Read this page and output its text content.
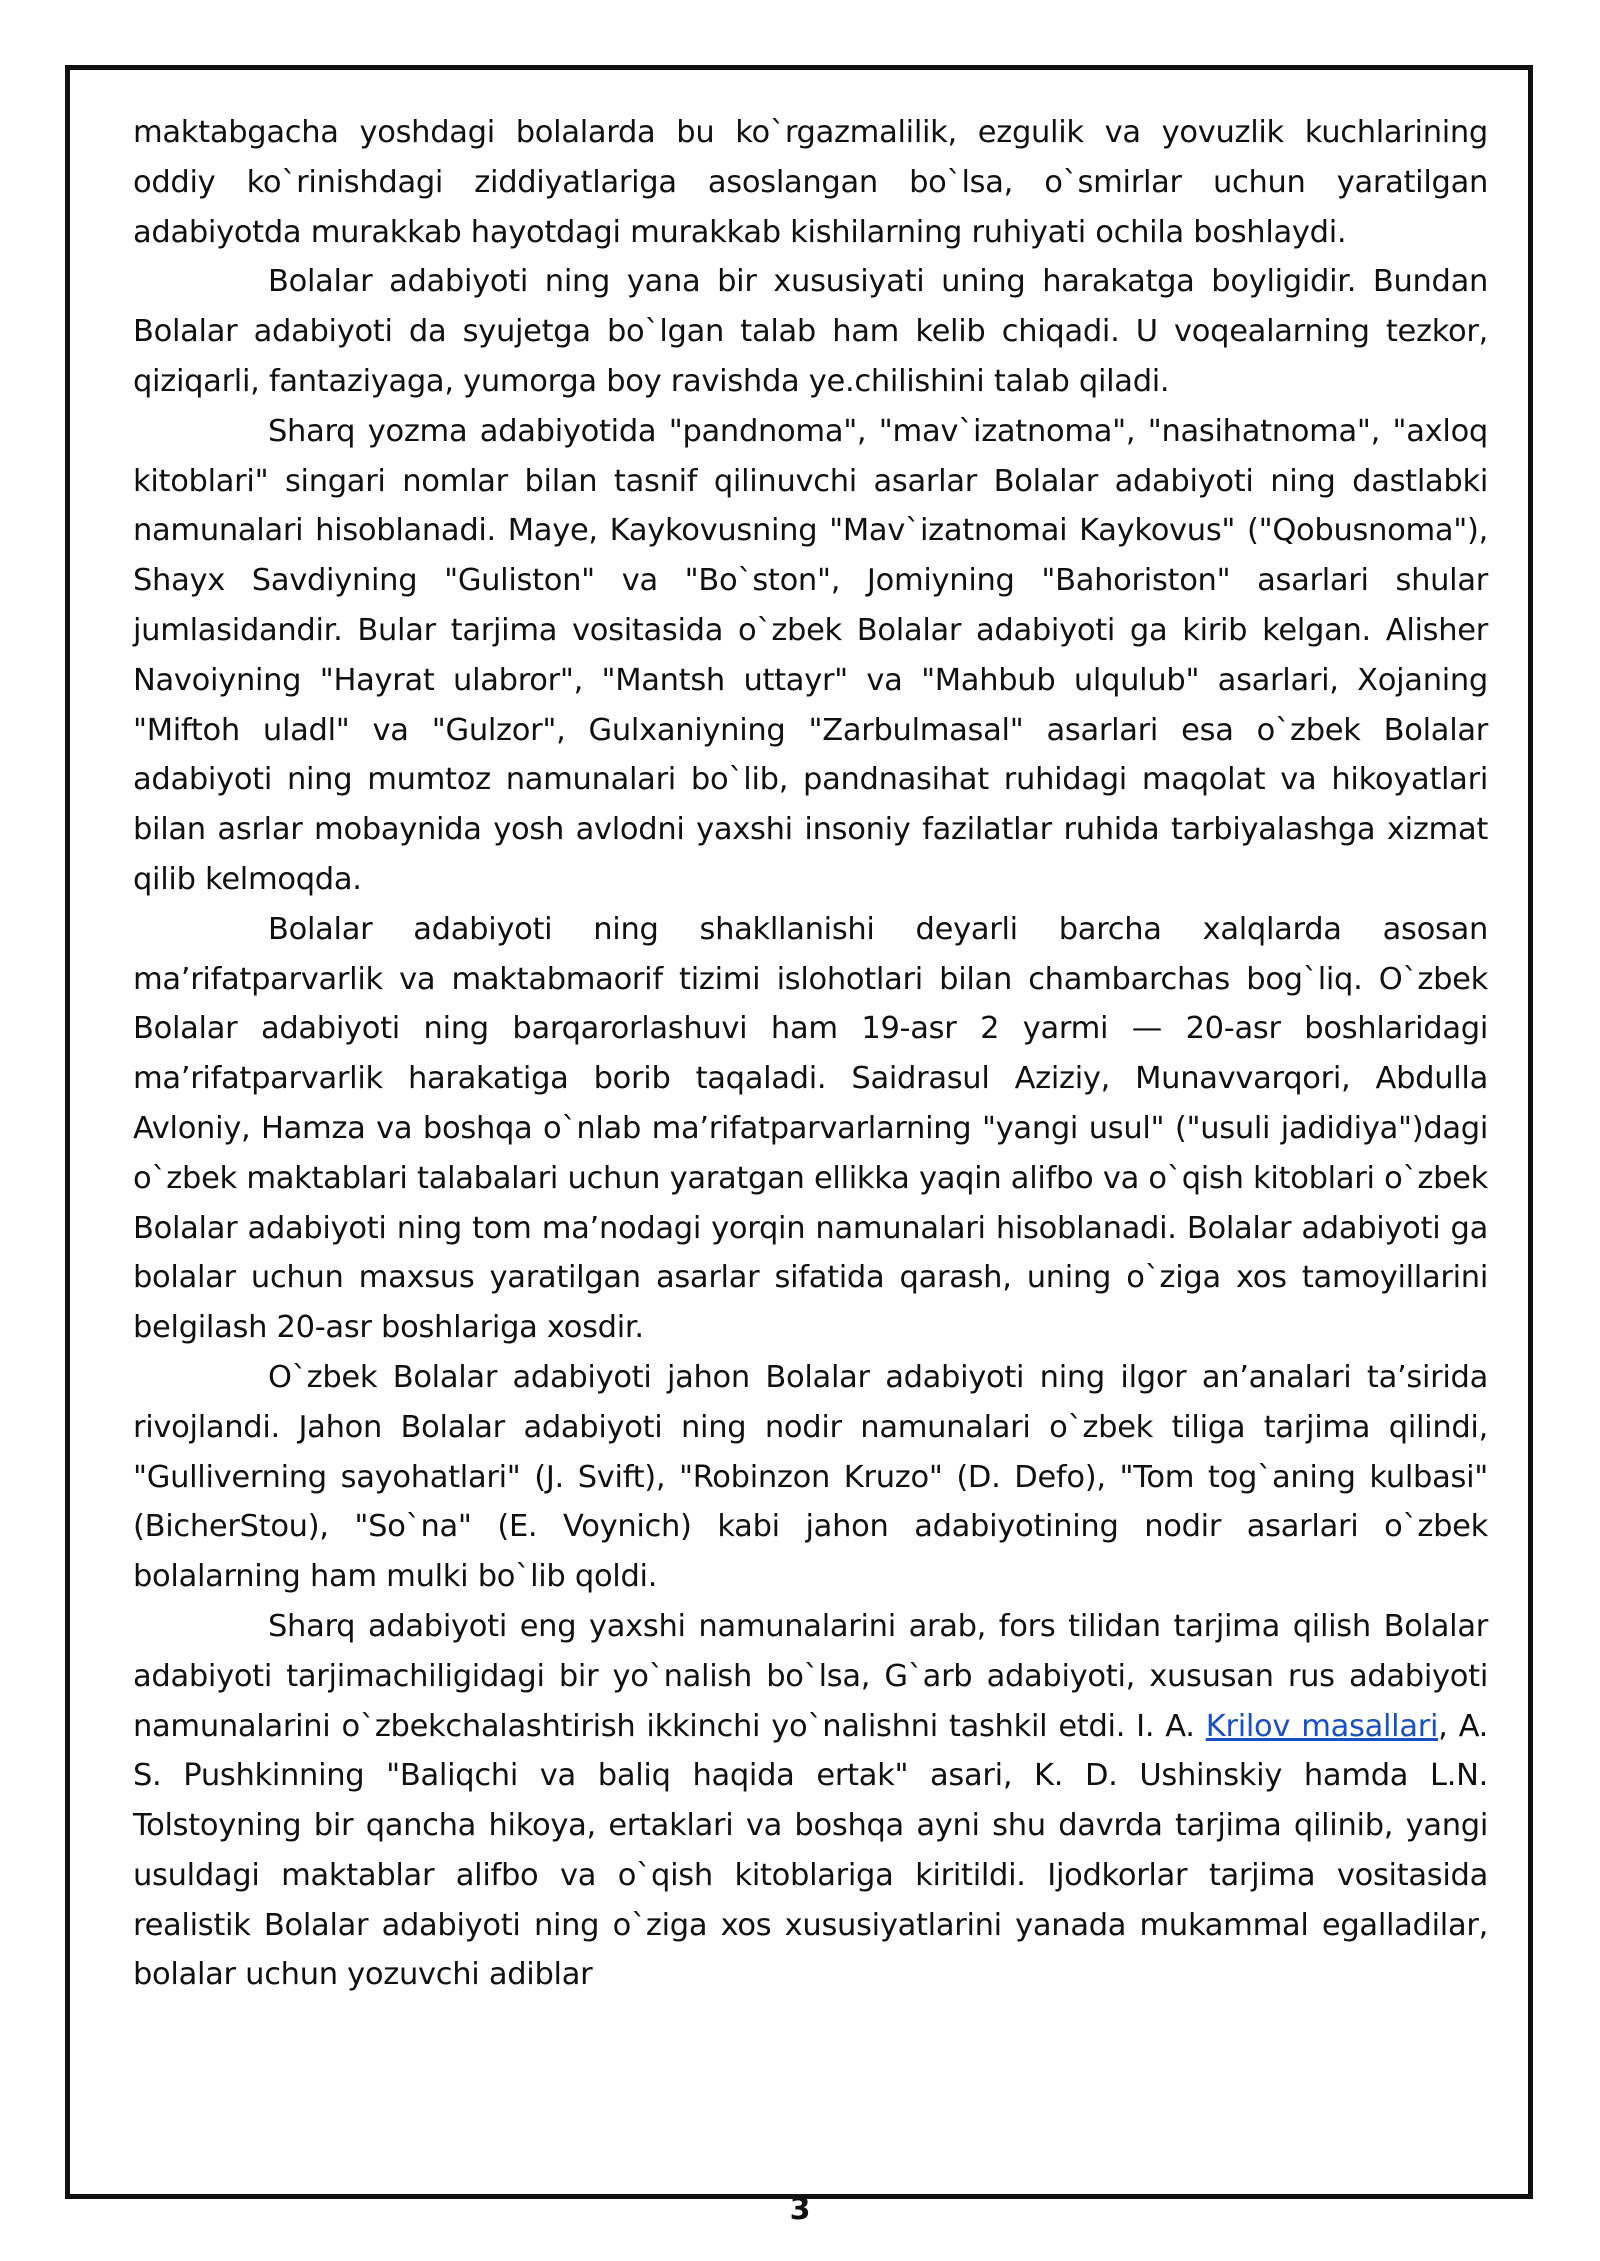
maktabgacha yoshdagi bolalarda bu ko`rgazmalilik, ezgulik va yovuzlik kuchlarining oddiy ko`rinishdagi ziddiyatlariga asoslangan bo`lsa, o`smirlar uchun yaratilgan adabiyotda murakkab hayotdagi murakkab kishilarning ruhiyati ochila boshlaydi.

Bolalar adabiyoti ning yana bir xususiyati uning harakatga boyligidir. Bundan Bolalar adabiyoti da syujetga bo`lgan talab ham kelib chiqadi. U voqealarning tezkor, qiziqarli, fantaziyaga, yumorga boy ravishda ye.chilishini talab qiladi.

Sharq yozma adabiyotida "pandnoma", "mav`izatnoma", "nasihatnoma", "axloq kitoblari" singari nomlar bilan tasnif qilinuvchi asarlar Bolalar adabiyoti ning dastlabki namunalari hisoblanadi. Maye, Kaykovusning "Mav`izatnomai Kaykovus" ("Qobusnoma"), Shayx Savdiyning "Guliston" va "Bo`ston", Jomiyning "Bahoriston" asarlari shular jumlasidandir. Bular tarjima vositasida o`zbek Bolalar adabiyoti ga kirib kelgan. Alisher Navoiyning "Hayrat ulabror", "Mantsh uttayr" va "Mahbub ulqulub" asarlari, Xojaning "Miftoh uladl" va "Gulzor", Gulxaniyning "Zarbulmasal" asarlari esa o`zbek Bolalar adabiyoti ning mumtoz namunalari bo`lib, pandnasihat ruhidagi maqolat va hikoyatlari bilan asrlar mobaynida yosh avlodni yaxshi insoniy fazilatlar ruhida tarbiyalashga xizmat qilib kelmoqda.

Bolalar adabiyoti ning shakllanishi deyarli barcha xalqlarda asosan ma’rifatparvarlik va maktabmaorif tizimi islohotlari bilan chambarchas bog`liq. O`zbek Bolalar adabiyoti ning barqarorlashuvi ham 19-asr 2 yarmi — 20-asr boshlaridagi ma’rifatparvarlik harakatiga borib taqaladi. Saidrasul Aziziy, Munavvarqori, Abdulla Avloniy, Hamza va boshqa o`nlab ma’rifatparvarlarning "yangi usul" ("usuli jadidiya")dagi o`zbek maktablari talabalari uchun yaratgan ellikka yaqin alifbo va o`qish kitoblari o`zbek Bolalar adabiyoti ning tom ma’nodagi yorqin namunalari hisoblanadi. Bolalar adabiyoti ga bolalar uchun maxsus yaratilgan asarlar sifatida qarash, uning o`ziga xos tamoyillarini belgilash 20-asr boshlariga xosdir.

O`zbek Bolalar adabiyoti jahon Bolalar adabiyoti ning ilgor an’analari ta’sirida rivojlandi. Jahon Bolalar adabiyoti ning nodir namunalari o`zbek tiliga tarjima qilindi, "Gulliverning sayohatlari" (J. Svift), "Robinzon Kruzo" (D. Defo), "Tom tog`aning kulbasi" (BicherStou), "So`na" (E. Voynich) kabi jahon adabiyotining nodir asarlari o`zbek bolalarning ham mulki bo`lib qoldi.

Sharq adabiyoti eng yaxshi namunalarini arab, fors tilidan tarjima qilish Bolalar adabiyoti tarjimachiligidagi bir yo`nalish bo`lsa, G`arb adabiyoti, xususan rus adabiyoti namunalarini o`zbekchalashtirish ikkinchi yo`nalishni tashkil etdi. I. A. Krilov masallari, A. S. Pushkinning "Baliqchi va baliq haqida ertak" asari, K. D. Ushinskiy hamda L.N. Tolstoyning bir qancha hikoya, ertaklari va boshqa ayni shu davrda tarjima qilinib, yangi usuldagi maktablar alifbo va o`qish kitoblariga kiritildi. Ijodkorlar tarjima vositasida realistik Bolalar adabiyoti ning o`ziga xos xususiyatlarini yanada mukammal egalladilar, bolalar uchun yozuvchi adiblar

3
